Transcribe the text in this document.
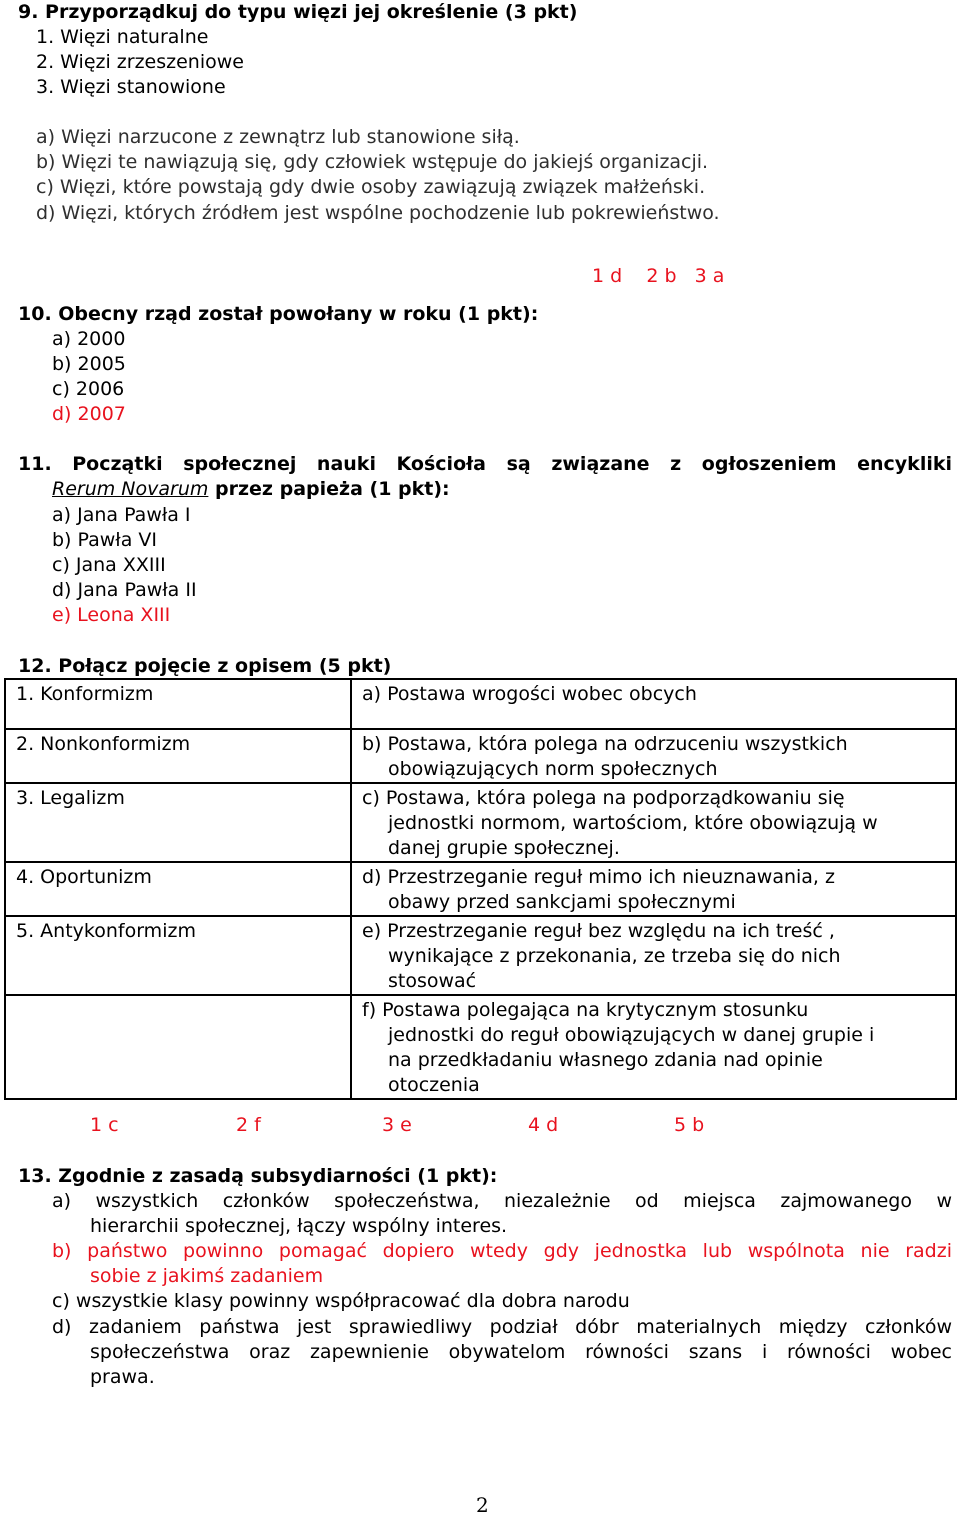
9. Przyporządkuj do typu więzi jej określenie (3 pkt)
1. Więzi naturalne
2. Więzi zrzeszeniowe
3. Więzi stanowione
a) Więzi narzucone z zewnątrz lub stanowione siłą.
b) Więzi te nawiązują się, gdy człowiek wstępuje do jakiejś organizacji.
c) Więzi, które powstają gdy dwie osoby zawiązują związek małżeński.
d) Więzi, których źródłem jest wspólne pochodzenie lub pokrewieństwo.
1 d    2 b   3 a
10. Obecny rząd został powołany w roku (1 pkt):
a) 2000
b) 2005
c) 2006
d) 2007
11. Początki społecznej nauki Kościoła są związane z ogłoszeniem encykliki
Rerum Novarum przez papieża (1 pkt):
a) Jana Pawła I
b) Pawła VI
c) Jana XXIII
d) Jana Pawła II
e) Leona XIII
12. Połącz pojęcie z opisem (5 pkt)
1. Konformizm	a) Postawa wrogości wobec obcych

2. Nonkonformizm	b) Postawa, która polega na odrzuceniu wszystkich
obowiązujących norm społecznych

3. Legalizm	c) Postawa, która polega na podporządkowaniu się
jednostki normom, wartościom, które obowiązują w
danej grupie społecznej.

4. Oportunizm	d) Przestrzeganie reguł mimo ich nieuznawania, z
obawy przed sankcjami społecznymi

5. Antykonformizm	e) Przestrzeganie reguł bez względu na ich treść ,
wynikające z przekonania, ze trzeba się do nich
stosować

	f) Postawa polegająca na krytycznym stosunku
jednostki do reguł obowiązujących w danej grupie i
na przedkładaniu własnego zdania nad opinie
otoczenia
1 c	2 f	3 e	4 d	5 b
13. Zgodnie z zasadą subsydiarności (1 pkt):
a) wszystkich członków społeczeństwa, niezależnie od miejsca zajmowanego w
hierarchii społecznej, łączy wspólny interes.
b) państwo powinno pomagać dopiero wtedy gdy jednostka lub wspólnota nie radzi
sobie z jakimś zadaniem
c) wszystkie klasy powinny współpracować dla dobra narodu
d) zadaniem państwa jest sprawiedliwy podział dóbr materialnych między członków
społeczeństwa oraz zapewnienie obywatelom równości szans i równości wobec
prawa.
2
